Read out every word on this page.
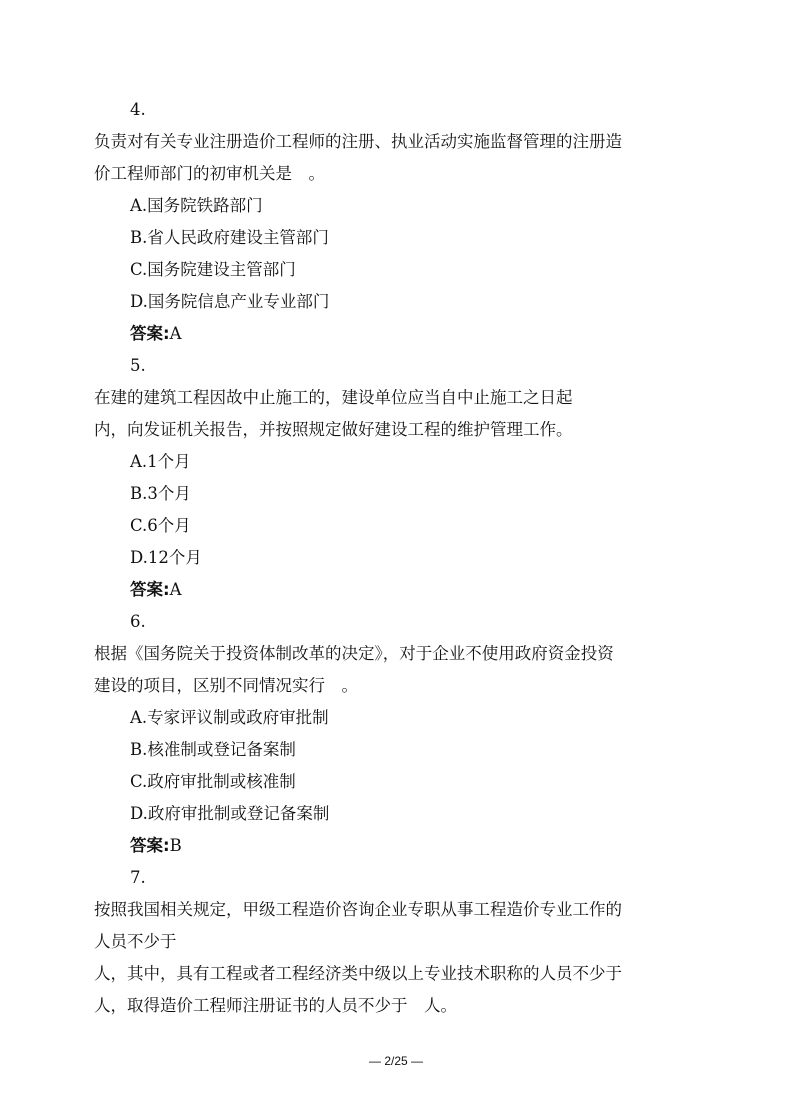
4.
负责对有关专业注册造价工程师的注册、执业活动实施监督管理的注册造
价工程师部门的初审机关是　。
A.国务院铁路部门
B.省人民政府建设主管部门
C.国务院建设主管部门
D.国务院信息产业专业部门
答案:A
5.
在建的建筑工程因故中止施工的，建设单位应当自中止施工之日起
内，向发证机关报告，并按照规定做好建设工程的维护管理工作。
A.1个月
B.3个月
C.6个月
D.12个月
答案:A
6.
根据《国务院关于投资体制改革的决定》，对于企业不使用政府资金投资
建设的项目，区别不同情况实行　。
A.专家评议制或政府审批制
B.核准制或登记备案制
C.政府审批制或核准制
D.政府审批制或登记备案制
答案:B
7.
按照我国相关规定，甲级工程造价咨询企业专职从事工程造价专业工作的
人员不少于
人，其中，具有工程或者工程经济类中级以上专业技术职称的人员不少于
人，取得造价工程师注册证书的人员不少于　人。
— 2/25 —
